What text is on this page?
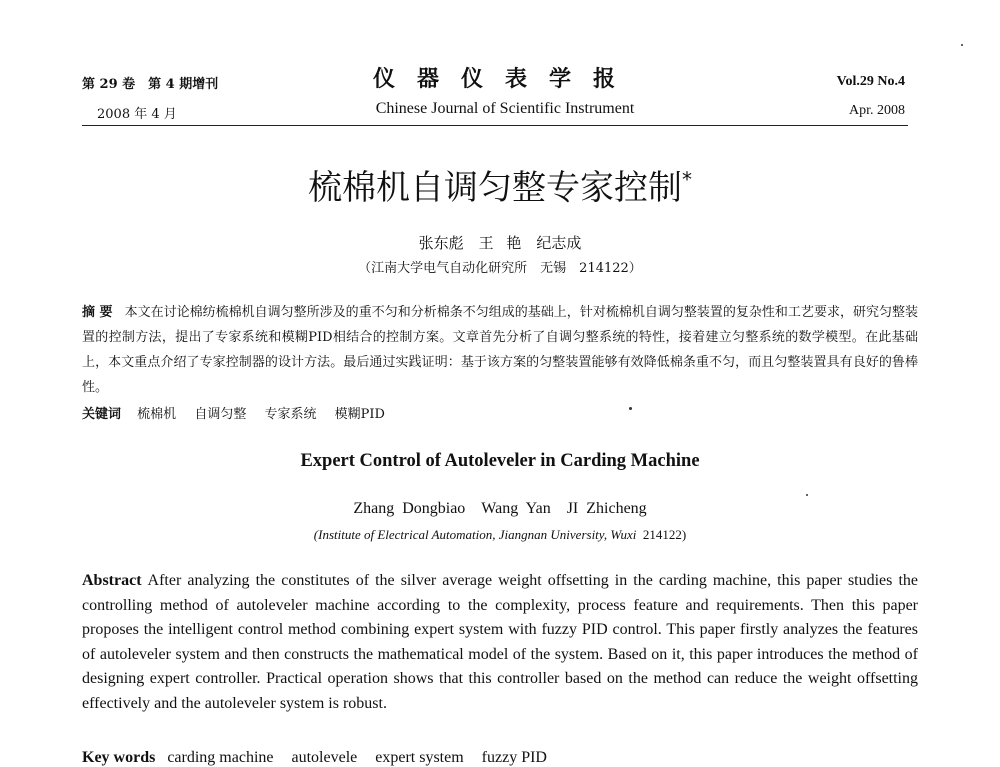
第 29 卷　第 4 期增刊
2008 年 4 月
仪器仪表学报
Chinese Journal of Scientific Instrument
Vol.29 No.4
Apr. 2008
梳棉机自调匀整专家控制*
张东彪　王 艳　纪志成
（江南大学电气自动化研究所　无锡　214122）
摘 要 本文在讨论棉纺梳棉机自调匀整所涉及的重不匀和分析棉条不匀组成的基础上，针对梳棉机自调匀整装置的复杂性和工艺要求，研究匀整装置的控制方法，提出了专家系统和模糊PID相结合的控制方案。文章首先分析了自调匀整系统的特性，接着建立匀整系统的数学模型。在此基础上，本文重点介绍了专家控制器的设计方法。最后通过实践证明：基于该方案的匀整装置能够有效降低棉条重不匀，而且匀整装置具有良好的鲁棒性。
关键词 梳棉机 自调匀整 专家系统 模糊PID
Expert Control of Autoleveler in Carding Machine
Zhang Dongbiao　Wang Yan　JI Zhicheng
(Institute of Electrical Automation, Jiangnan University, Wuxi 214122)
Abstract After analyzing the constitutes of the silver average weight offsetting in the carding machine, this paper studies the controlling method of autoleveler machine according to the complexity, process feature and requirements. Then this paper proposes the intelligent control method combining expert system with fuzzy PID control. This paper firstly analyzes the features of autoleveler system and then constructs the mathematical model of the system. Based on it, this paper introduces the method of designing expert controller. Practical operation shows that this controller based on the method can reduce the weight offsetting effectively and the autoleveler system is robust.
Key words carding machine autolevele expert system fuzzy PID
